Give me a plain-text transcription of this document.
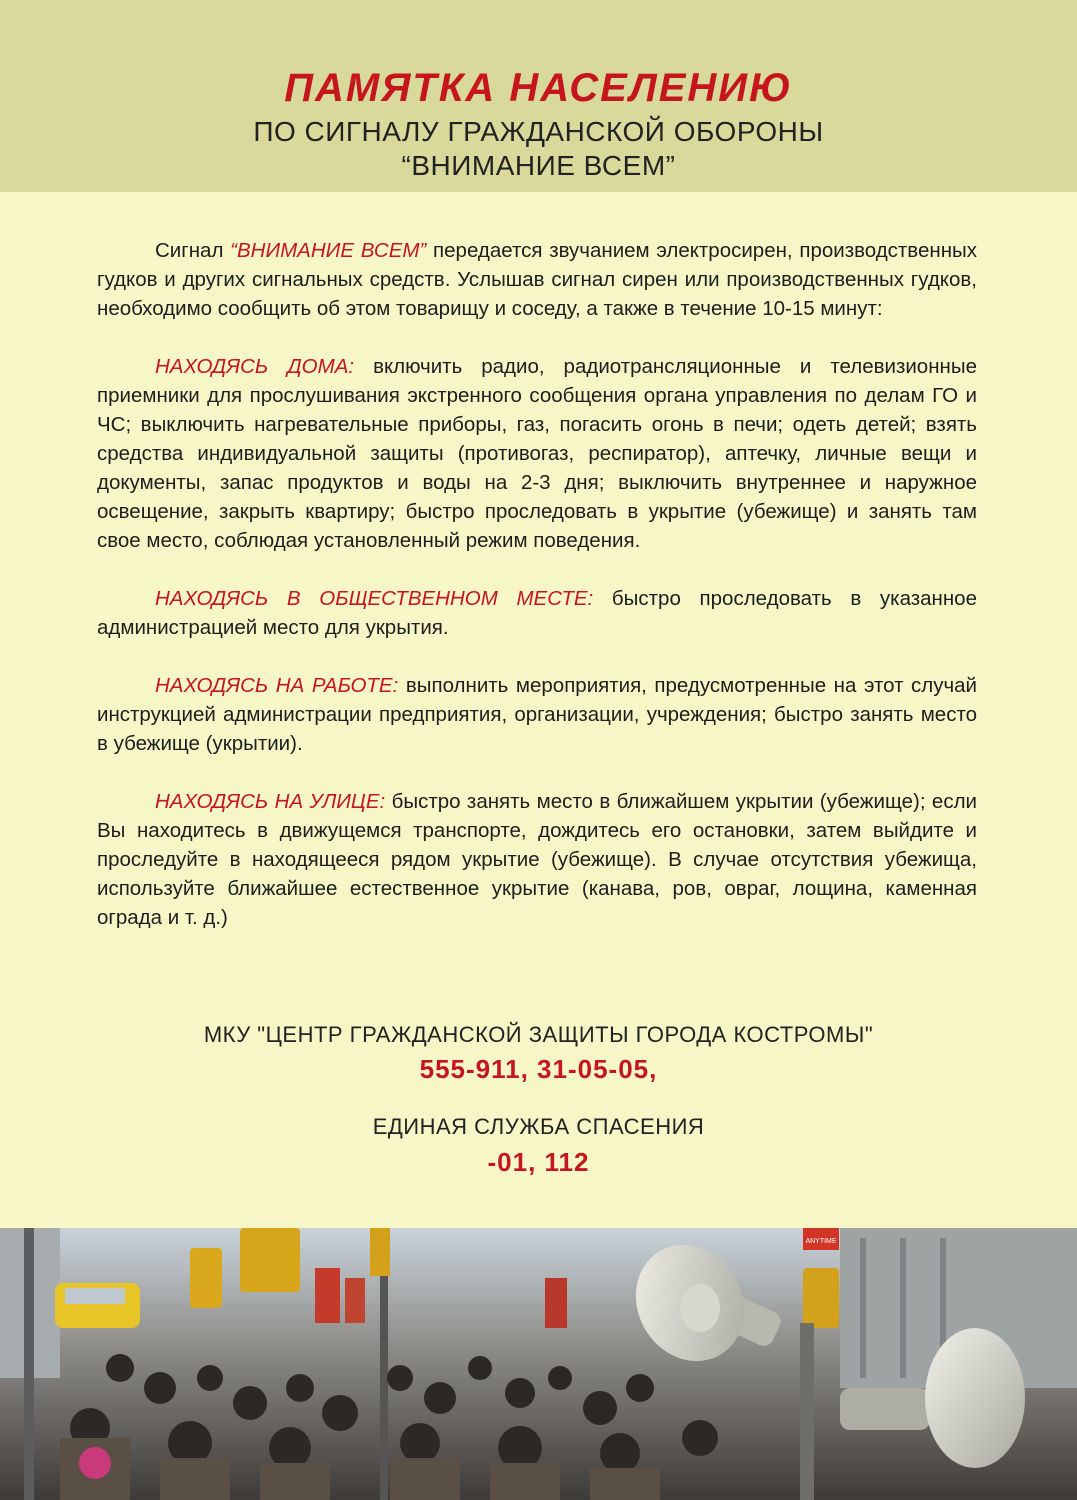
ПАМЯТКА НАСЕЛЕНИЮ
ПО СИГНАЛУ ГРАЖДАНСКОЙ ОБОРОНЫ
“ВНИМАНИЕ ВСЕМ”

Сигнал “ВНИМАНИЕ ВСЕМ” передается звучанием электросирен, производственных гудков и других сигнальных средств. Услышав сигнал сирен или производственных гудков, необходимо сообщить об этом товарищу и соседу, а также в течение 10-15 минут:

НАХОДЯСЬ ДОМА: включить радио, радиотрансляционные и телевизионные приемники для прослушивания экстренного сообщения органа управления по делам ГО и ЧС; выключить нагревательные приборы, газ, погасить огонь в печи; одеть детей; взять средства индивидуальной защиты (противогаз, респиратор), аптечку, личные вещи и документы, запас продуктов и воды на 2-3 дня; выключить внутреннее и наружное освещение, закрыть квартиру; быстро проследовать в укрытие (убежище) и занять там свое место, соблюдая установленный режим поведения.

НАХОДЯСЬ В ОБЩЕСТВЕННОМ МЕСТЕ: быстро проследовать в указанное администрацией место для укрытия.

НАХОДЯСЬ НА РАБОТЕ: выполнить мероприятия, предусмотренные на этот случай инструкцией администрации предприятия, организации, учреждения; быстро занять место в убежище (укрытии).

НАХОДЯСЬ НА УЛИЦЕ: быстро занять место в ближайшем укрытии (убежище); если Вы находитесь в движущемся транспорте, дождитесь его остановки, затем выйдите и проследуйте в находящееся рядом укрытие (убежище). В случае отсутствия убежища, используйте ближайшее естественное укрытие (канава, ров, овраг, лощина, каменная ограда и т. д.)

МКУ "ЦЕНТР ГРАЖДАНСКОЙ ЗАЩИТЫ ГОРОДА КОСТРОМЫ"
555-911, 31-05-05,
ЕДИНАЯ СЛУЖБА СПАСЕНИЯ
-01, 112
ANYTIME
